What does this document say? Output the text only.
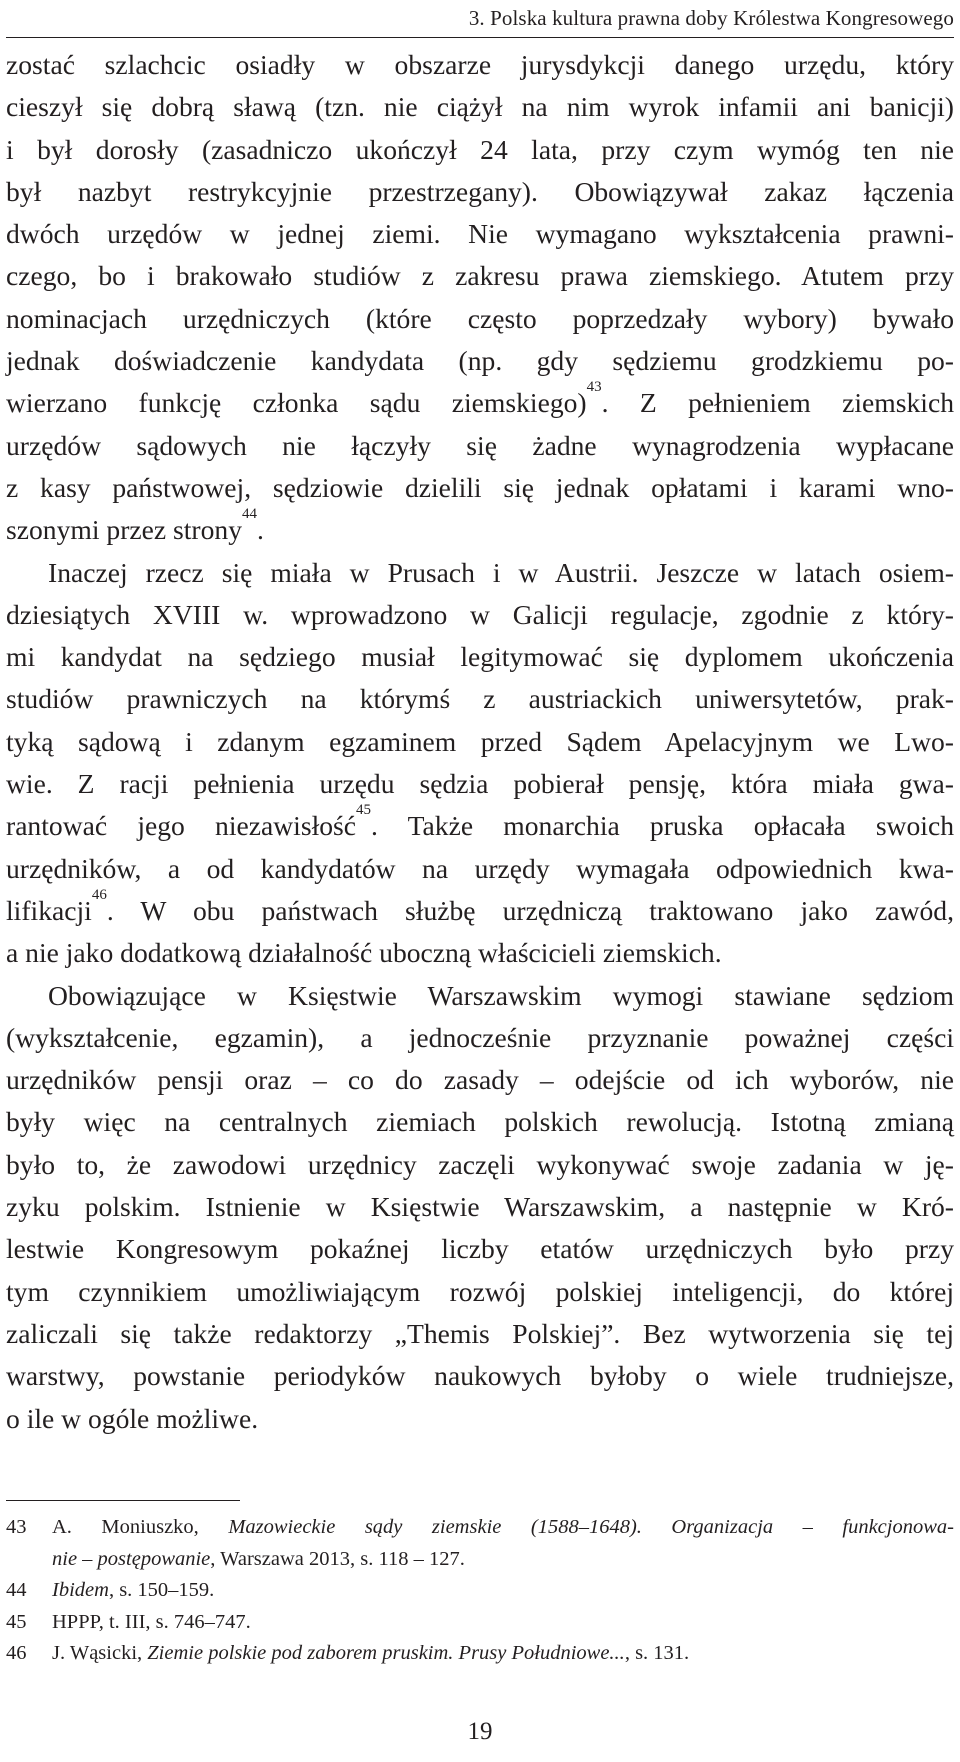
3. Polska kultura prawna doby Królestwa Kongresowego
zostać szlachcic osiadły w obszarze jurysdykcji danego urzędu, który
cieszył się dobrą sławą (tzn. nie ciążył na nim wyrok infamii ani banicji)
i był dorosły (zasadniczo ukończył 24 lata, przy czym wymóg ten nie
był nazbyt restrykcyjnie przestrzegany). Obowiązywał zakaz łączenia
dwóch urzędów w jednej ziemi. Nie wymagano wykształcenia prawni-
czego, bo i brakowało studiów z zakresu prawa ziemskiego. Atutem przy
nominacjach urzędniczych (które często poprzedzały wybory) bywało
jednak doświadczenie kandydata (np. gdy sędziemu grodzkiemu po-
wierzano funkcję członka sądu ziemskiego)$^{43}$. Z pełnieniem ziemskich
urzędów sądowych nie łączyły się żadne wynagrodzenia wypłacane
z kasy państwowej, sędziowie dzielili się jednak opłatami i karami wno-
szonymi przez strony$^{44}$.
Inaczej rzecz się miała w Prusach i w Austrii. Jeszcze w latach osiem-
dziesiątych XVIII w. wprowadzono w Galicji regulacje, zgodnie z który-
mi kandydat na sędziego musiał legitymować się dyplomem ukończenia
studiów prawniczych na którymś z austriackich uniwersytetów, prak-
tyką sądową i zdanym egzaminem przed Sądem Apelacyjnym we Lwo-
wie. Z racji pełnienia urzędu sędzia pobierał pensję, która miała gwa-
rantować jego niezawisłość$^{45}$. Także monarchia pruska opłacała swoich
urzędników, a od kandydatów na urzędy wymagała odpowiednich kwa-
lifikacji$^{46}$. W obu państwach służbę urzędniczą traktowano jako zawód,
a nie jako dodatkową działalność uboczną właścicieli ziemskich.
Obowiązujące w Księstwie Warszawskim wymogi stawiane sędziom
(wykształcenie, egzamin), a jednocześnie przyznanie poważnej części
urzędników pensji oraz – co do zasady – odejście od ich wyborów, nie
były więc na centralnych ziemiach polskich rewolucją. Istotną zmianą
było to, że zawodowi urzędnicy zaczęli wykonywać swoje zadania w ję-
zyku polskim. Istnienie w Księstwie Warszawskim, a następnie w Kró-
lestwie Kongresowym pokaźnej liczby etatów urzędniczych było przy
tym czynnikiem umożliwiającym rozwój polskiej inteligencji, do której
zaliczali się także redaktorzy „Themis Polskiej”. Bez wytworzenia się tej
warstwy, powstanie periodyków naukowych byłoby o wiele trudniejsze,
o ile w ogóle możliwe.
43	A. Moniuszko, Mazowieckie sądy ziemskie (1588–1648). Organizacja – funkcjonowa-
nie – postępowanie, Warszawa 2013, s. 118 – 127.
44	Ibidem, s. 150–159.
45	HPPP, t. III, s. 746–747.
46	J. Wąsicki, Ziemie polskie pod zaborem pruskim. Prusy Południowe..., s. 131.
19
